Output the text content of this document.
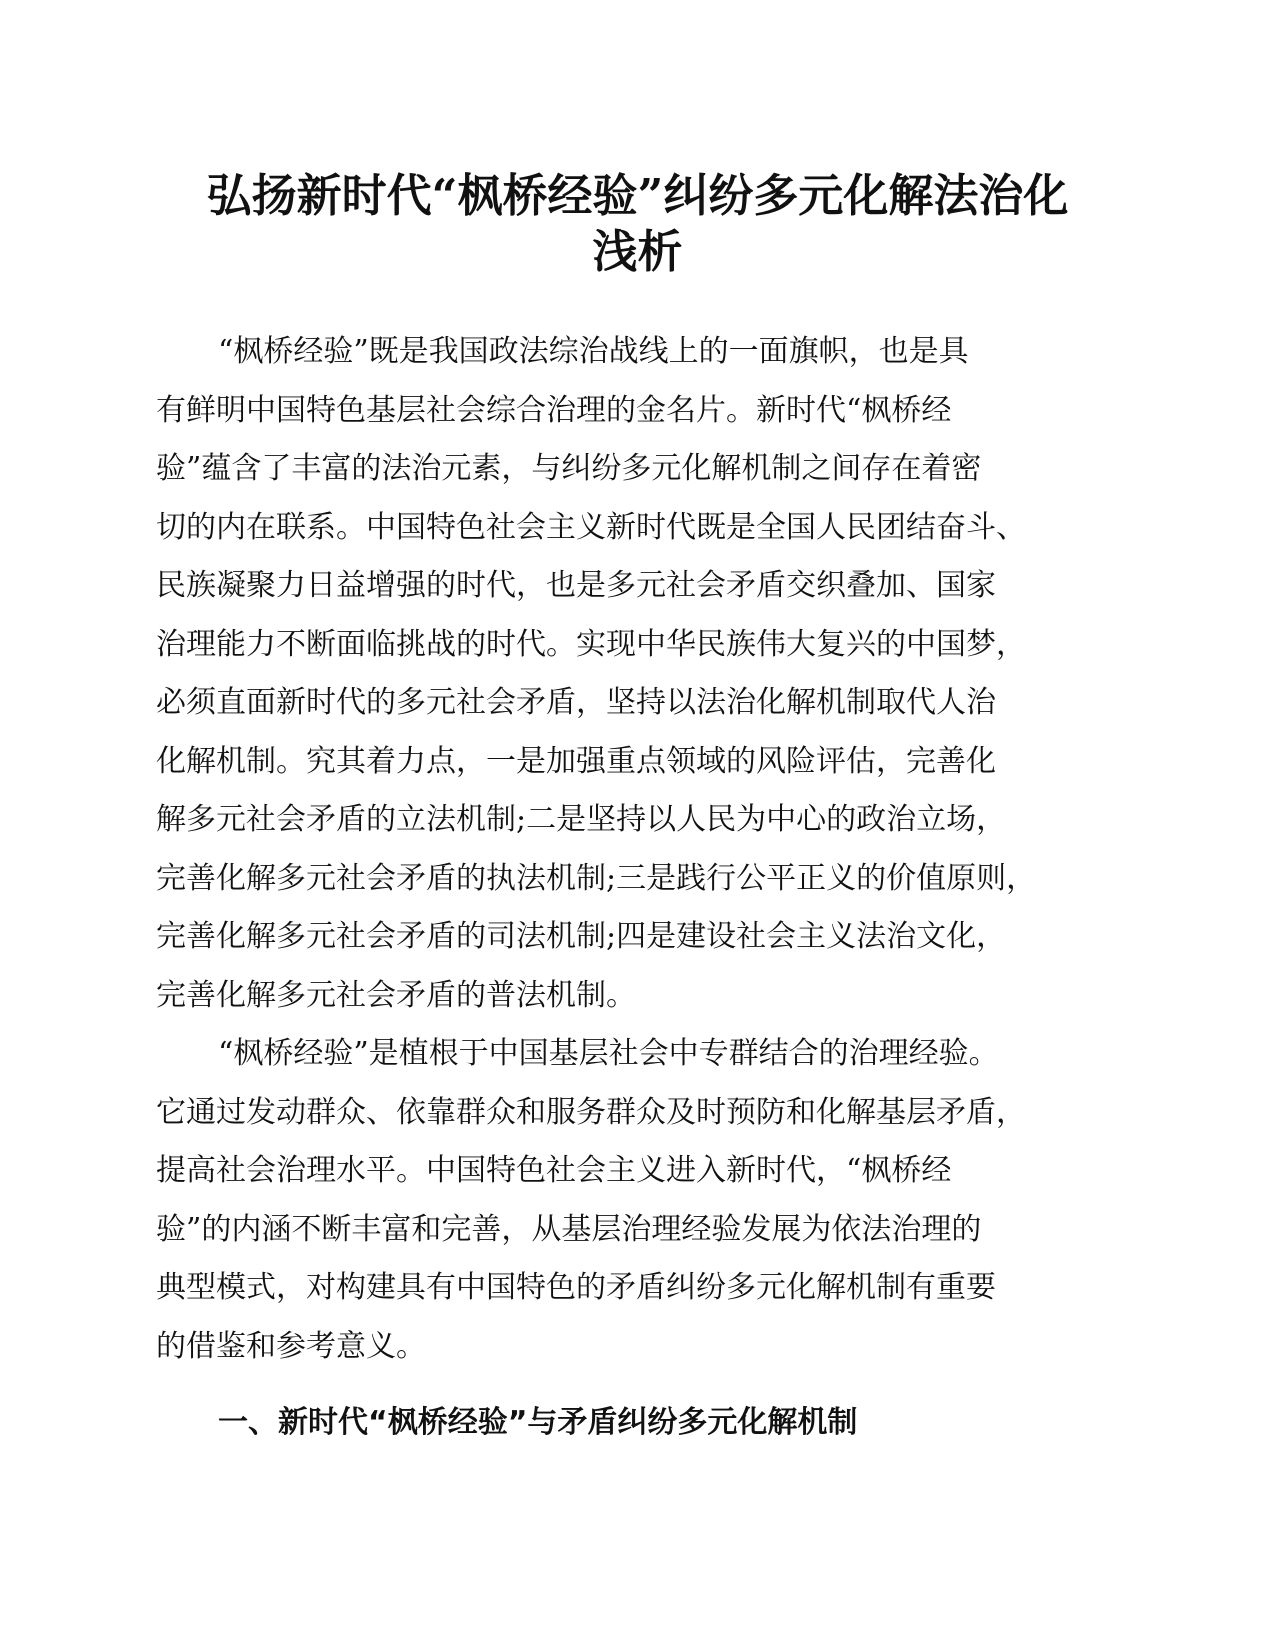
弘扬新时代“枫桥经验”纠纷多元化解法治化
浅析
“枫桥经验”既是我国政法综治战线上的一面旗帜，也是具
有鲜明中国特色基层社会综合治理的金名片。新时代“枫桥经
验”蕴含了丰富的法治元素，与纠纷多元化解机制之间存在着密
切的内在联系。中国特色社会主义新时代既是全国人民团结奋斗、
民族凝聚力日益增强的时代，也是多元社会矛盾交织叠加、国家
治理能力不断面临挑战的时代。实现中华民族伟大复兴的中国梦，
必须直面新时代的多元社会矛盾，坚持以法治化解机制取代人治
化解机制。究其着力点，一是加强重点领域的风险评估，完善化
解多元社会矛盾的立法机制;二是坚持以人民为中心的政治立场，
完善化解多元社会矛盾的执法机制;三是践行公平正义的价值原则，
完善化解多元社会矛盾的司法机制;四是建设社会主义法治文化，
完善化解多元社会矛盾的普法机制。
“枫桥经验”是植根于中国基层社会中专群结合的治理经验。
它通过发动群众、依靠群众和服务群众及时预防和化解基层矛盾，
提高社会治理水平。中国特色社会主义进入新时代，“枫桥经
验”的内涵不断丰富和完善，从基层治理经验发展为依法治理的
典型模式，对构建具有中国特色的矛盾纠纷多元化解机制有重要
的借鉴和参考意义。
一、新时代“枫桥经验”与矛盾纠纷多元化解机制
